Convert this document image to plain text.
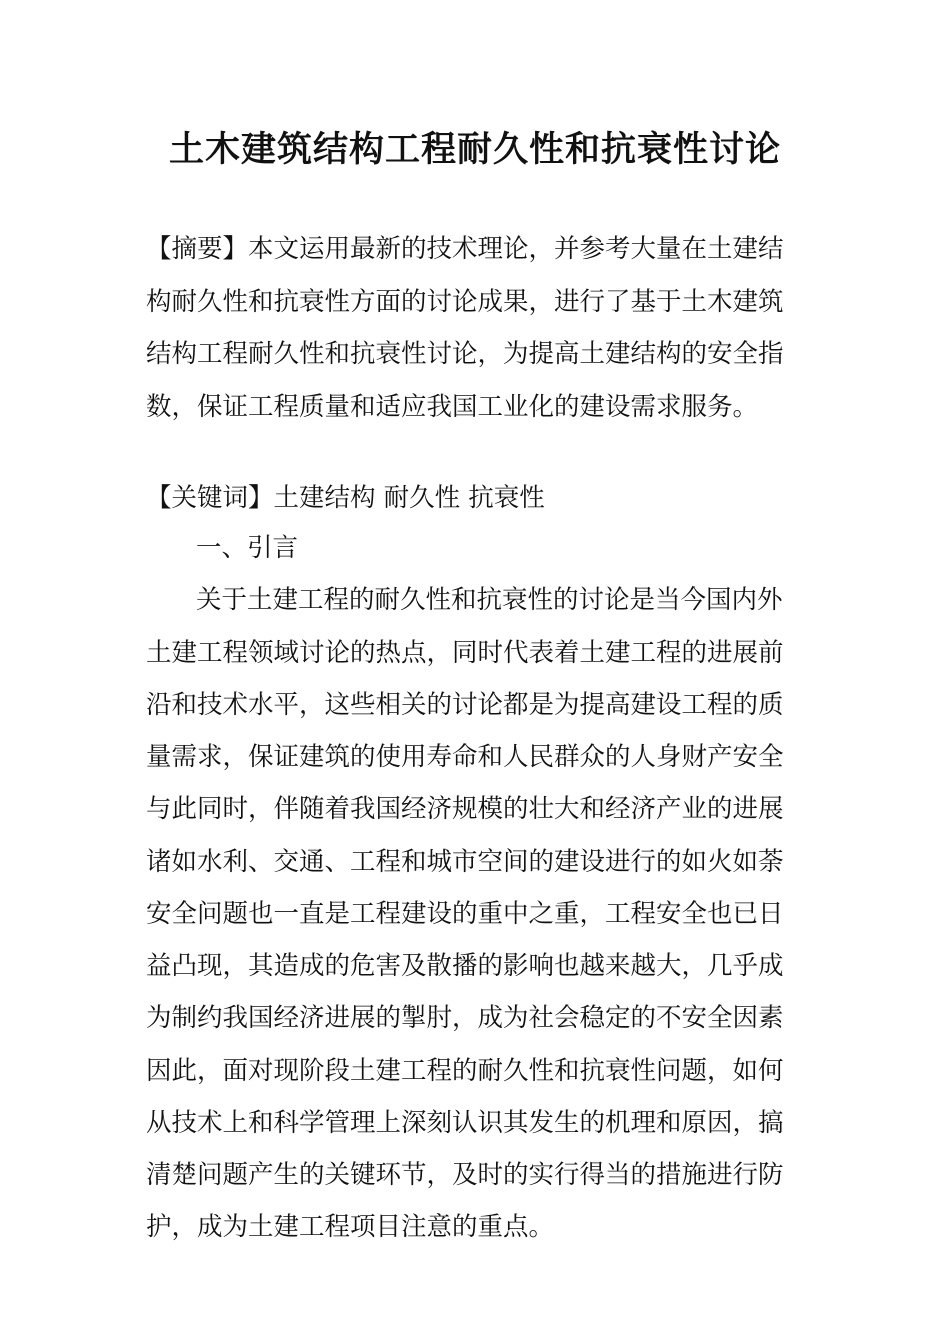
土木建筑结构工程耐久性和抗衰性讨论

【摘要】本文运用最新的技术理论，并参考大量在土建结

构耐久性和抗衰性方面的讨论成果，进行了基于土木建筑

结构工程耐久性和抗衰性讨论，为提高土建结构的安全指

数，保证工程质量和适应我国工业化的建设需求服务。

【关键词】土建结构 耐久性 抗衰性

一、引言

关于土建工程的耐久性和抗衰性的讨论是当今国内外

土建工程领域讨论的热点，同时代表着土建工程的进展前

沿和技术水平，这些相关的讨论都是为提高建设工程的质

量需求，保证建筑的使用寿命和人民群众的人身财产安全

与此同时，伴随着我国经济规模的壮大和经济产业的进展

诸如水利、交通、工程和城市空间的建设进行的如火如荼

安全问题也一直是工程建设的重中之重，工程安全也已日

益凸现，其造成的危害及散播的影响也越来越大，几乎成

为制约我国经济进展的掣肘，成为社会稳定的不安全因素

因此，面对现阶段土建工程的耐久性和抗衰性问题，如何

从技术上和科学管理上深刻认识其发生的机理和原因，搞

清楚问题产生的关键环节，及时的实行得当的措施进行防

护，成为土建工程项目注意的重点。
